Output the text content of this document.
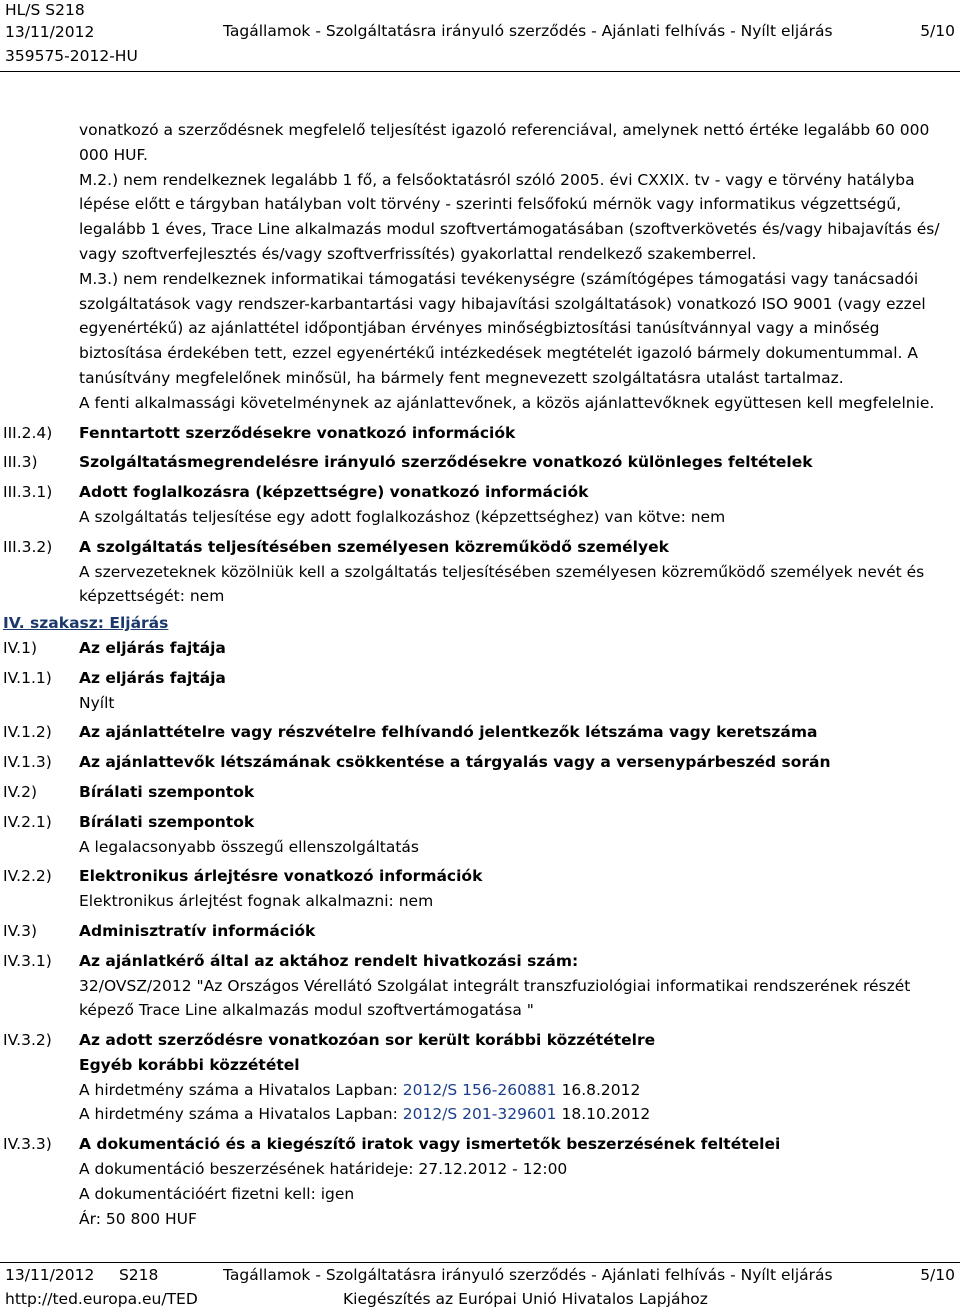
HL/S S218
13/11/2012
359575-2012-HU
Tagállamok - Szolgáltatásra irányuló szerződés - Ajánlati felhívás - Nyílt eljárás	5/10
vonatkozó a szerződésnek megfelelő teljesítést igazoló referenciával, amelynek nettó értéke legalább 60 000 000 HUF.
M.2.) nem rendelkeznek legalább 1 fő, a felsőoktatásról szóló 2005. évi CXXIX. tv - vagy e törvény hatályba lépése előtt e tárgyban hatályban volt törvény - szerinti felsőfokú mérnök vagy informatikus végzettségű, legalább 1 éves, Trace Line alkalmazás modul szoftvertámogatásában (szoftverkövetés és/vagy hibajavítás és/ vagy szoftverfejlesztés és/vagy szoftverfrissítés) gyakorlattal rendelkező szakemberrel.
M.3.) nem rendelkeznek informatikai támogatási tevékenységre (számítógépes támogatási vagy tanácsadói szolgáltatások vagy rendszer-karbantartási vagy hibajavítási szolgáltatások) vonatkozó ISO 9001 (vagy ezzel egyenértékű) az ajánlattétel időpontjában érvényes minőségbiztosítási tanúsítvánnyal vagy a minőség biztosítása érdekében tett, ezzel egyenértékű intézkedések megtételét igazoló bármely dokumentummal. A tanúsítvány megfelelőnek minősül, ha bármely fent megnevezett szolgáltatásra utalást tartalmaz.
A fenti alkalmassági követelménynek az ajánlattevőnek, a közös ajánlattevőknek együttesen kell megfelelnie.
III.2.4) Fenntartott szerződésekre vonatkozó információk
III.3)	Szolgáltatásmegrendelésre irányuló szerződésekre vonatkozó különleges feltételek
III.3.1) Adott foglalkozásra (képzettségre) vonatkozó információk
A szolgáltatás teljesítése egy adott foglalkozáshoz (képzettséghez) van kötve: nem
III.3.2) A szolgáltatás teljesítésében személyesen közreműködő személyek
A szervezeteknek közölniük kell a szolgáltatás teljesítésében személyesen közreműködő személyek nevét és képzettségét: nem
IV. szakasz: Eljárás
IV.1)	Az eljárás fajtája
IV.1.1) Az eljárás fajtája
Nyílt
IV.1.2) Az ajánlattételre vagy részvételre felhívandó jelentkezők létszáma vagy keretszáma
IV.1.3) Az ajánlattevők létszámának csökkentése a tárgyalás vagy a versenypárbeszéd során
IV.2)	Bírálati szempontok
IV.2.1) Bírálati szempontok
A legalacsonyabb összegű ellenszolgáltatás
IV.2.2) Elektronikus árlejtésre vonatkozó információk
Elektronikus árlejtést fognak alkalmazni: nem
IV.3)	Adminisztratív információk
IV.3.1) Az ajánlatkérő által az aktához rendelt hivatkozási szám:
32/OVSZ/2012 "Az Országos Vérellátó Szolgálat integrált transzfuziológiai informatikai rendszerének részét képező Trace Line alkalmazás modul szoftvertámogatása "
IV.3.2) Az adott szerződésre vonatkozóan sor került korábbi közzétételre
Egyéb korábbi közzététel
A hirdetmény száma a Hivatalos Lapban: 2012/S 156-260881 16.8.2012
A hirdetmény száma a Hivatalos Lapban: 2012/S 201-329601 18.10.2012
IV.3.3) A dokumentáció és a kiegészítő iratok vagy ismertetők beszerzésének feltételei
A dokumentáció beszerzésének határideje: 27.12.2012 - 12:00
A dokumentációért fizetni kell: igen
Ár: 50 800 HUF
13/11/2012     S218
http://ted.europa.eu/TED
Tagállamok - Szolgáltatásra irányuló szerződés - Ajánlati felhívás - Nyílt eljárás
Kiegészítés az Európai Unió Hivatalos Lapjához
5/10
